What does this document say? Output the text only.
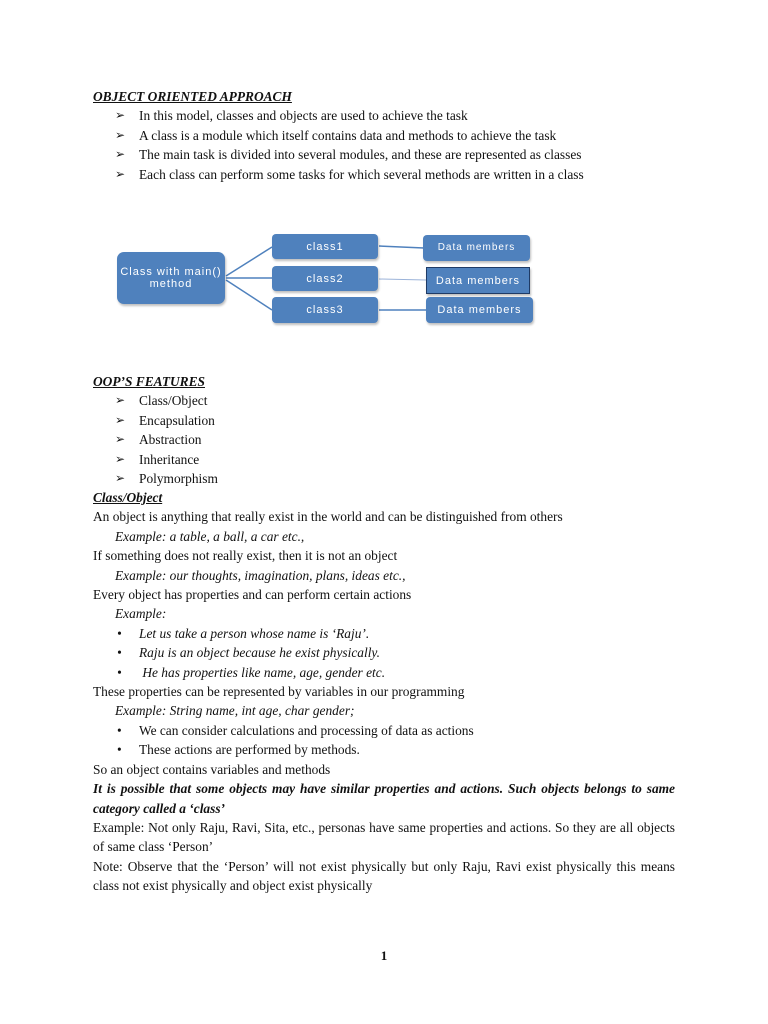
OBJECT ORIENTED APPROACH
➢ In this model, classes and objects are used to achieve the task
➢ A class is a module which itself contains data and methods to achieve the task
➢ The main task is divided into several modules, and these are represented as classes
➢ Each class can perform some tasks for which several methods are written in a class
Class with main() method
class1
class2
class3
Data members
Data members
Data members
OOP’S FEATURES
➢ Class/Object
➢ Encapsulation
➢ Abstraction
➢ Inheritance
➢ Polymorphism
Class/Object
An object is anything that really exist in the world and can be distinguished from others
Example: a table, a ball, a car etc.,
If something does not really exist, then it is not an object
Example: our thoughts, imagination, plans, ideas etc.,
Every object has properties and can perform certain actions
Example:
• Let us take a person whose name is ‘Raju’.
• Raju is an object because he exist physically.
• He has properties like name, age, gender etc.
These properties can be represented by variables in our programming
Example: String name, int age, char gender;
• We can consider calculations and processing of data as actions
• These actions are performed by methods.
So an object contains variables and methods
It is possible that some objects may have similar properties and actions. Such objects belongs to same category called a ‘class’
Example: Not only Raju, Ravi, Sita, etc., personas have same properties and actions. So they are all objects of same class ‘Person’
Note: Observe that the ‘Person’ will not exist physically but only Raju, Ravi exist physically this means class not exist physically and object exist physically
1
